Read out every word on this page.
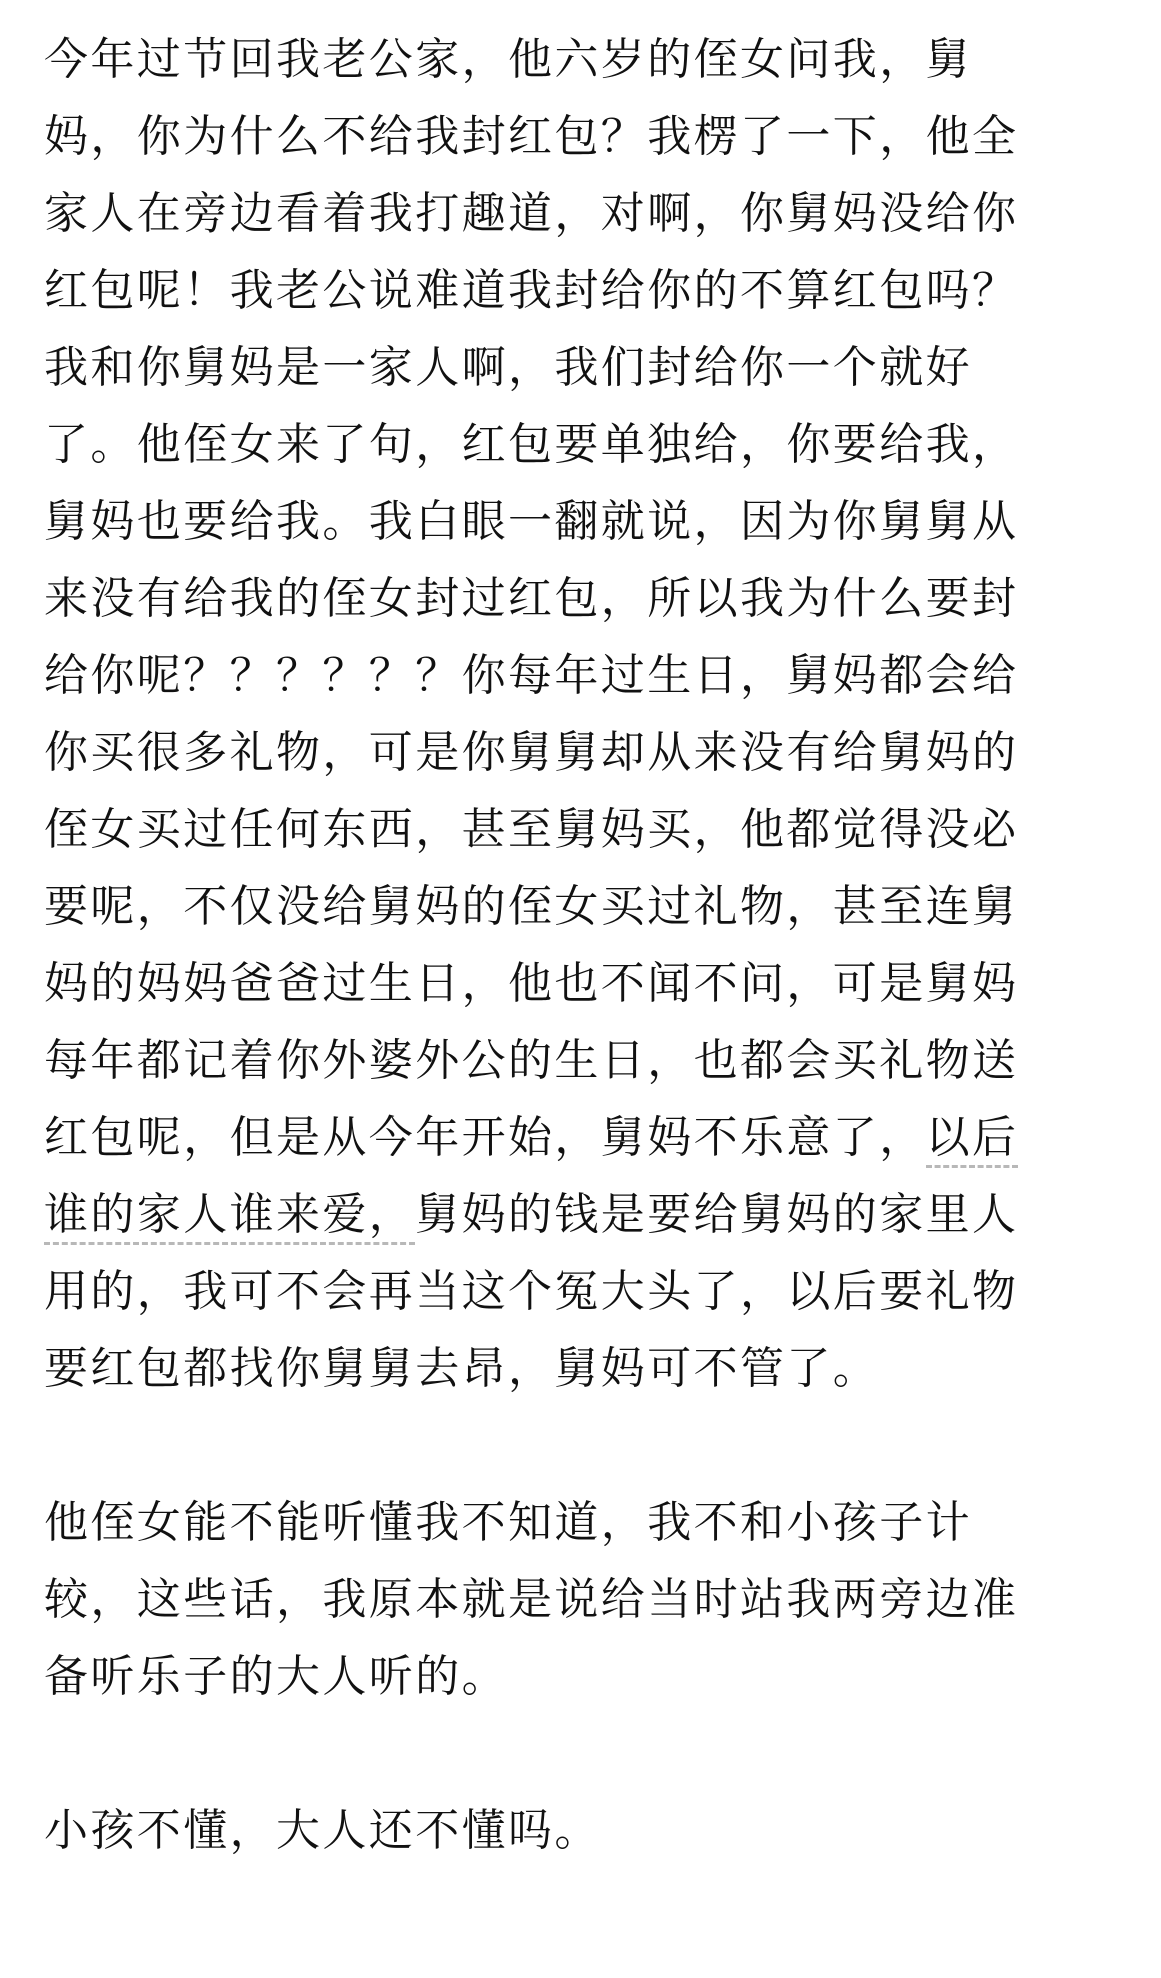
今年过节回我老公家，他六岁的侄女问我，舅
妈，你为什么不给我封红包？我楞了一下，他全
家人在旁边看着我打趣道，对啊，你舅妈没给你
红包呢！我老公说难道我封给你的不算红包吗？
我和你舅妈是一家人啊，我们封给你一个就好
了。他侄女来了句，红包要单独给，你要给我，
舅妈也要给我。我白眼一翻就说，因为你舅舅从
来没有给我的侄女封过红包，所以我为什么要封
给你呢？？？？？？你每年过生日，舅妈都会给
你买很多礼物，可是你舅舅却从来没有给舅妈的
侄女买过任何东西，甚至舅妈买，他都觉得没必
要呢，不仅没给舅妈的侄女买过礼物，甚至连舅
妈的妈妈爸爸过生日，他也不闻不问，可是舅妈
每年都记着你外婆外公的生日，也都会买礼物送
红包呢，但是从今年开始，舅妈不乐意了，以后
谁的家人谁来爱，舅妈的钱是要给舅妈的家里人
用的，我可不会再当这个冤大头了，以后要礼物
要红包都找你舅舅去昂，舅妈可不管了。
他侄女能不能听懂我不知道，我不和小孩子计
较，这些话，我原本就是说给当时站我两旁边准
备听乐子的大人听的。
小孩不懂，大人还不懂吗。
